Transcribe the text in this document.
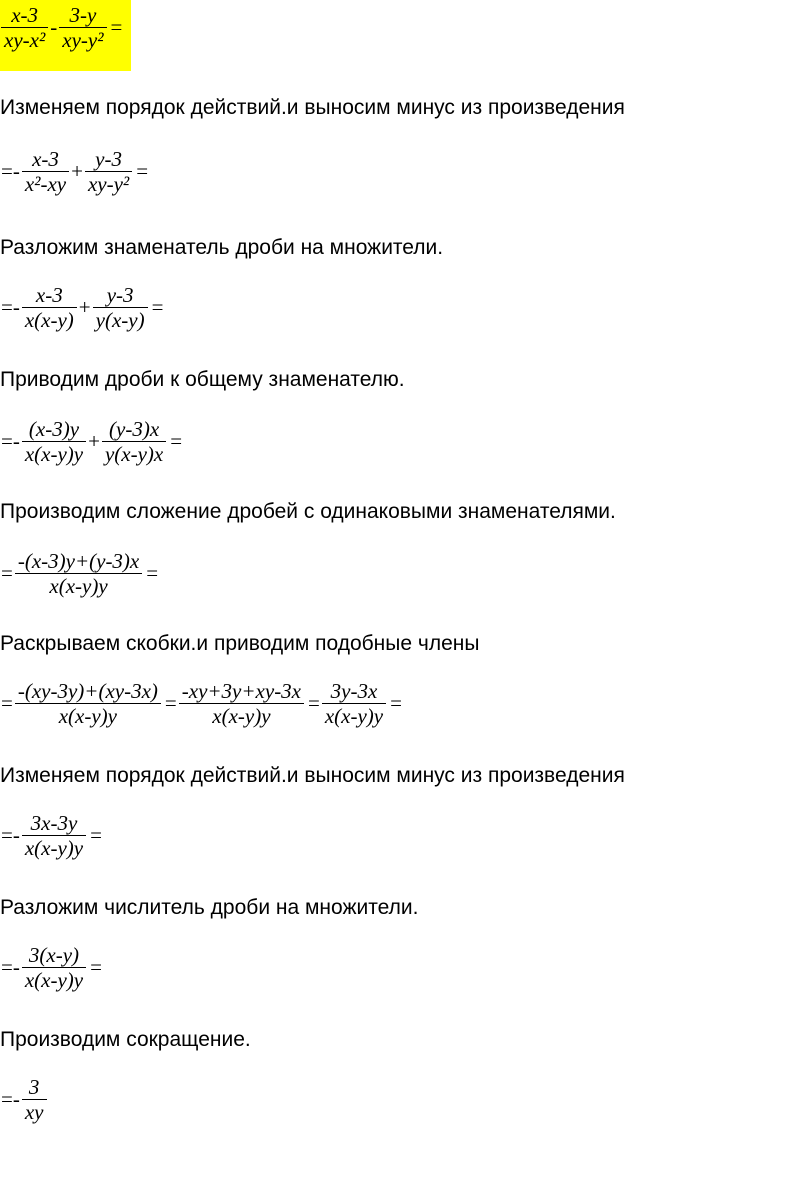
$\frac{x-3}{\text{xy-x²}} - \frac{3-y}{\text{xy-y²}}$ =
Изменяем порядок действий.и выносим минус из произведения
=- $\frac{x-3}{\text{x²-xy}} + \frac{y-3}{\text{xy-y²}}$ =
Разложим знаменатель дроби на множители.
=- $\frac{x-3}{x(x-y)} + \frac{y-3}{y(x-y)}$ =
Приводим дроби к общему знаменателю.
=- $\frac{(x-3)y}{x(x-y)y} + \frac{(y-3)x}{y(x-y)x}$ =
Производим сложение дробей с одинаковыми знаменателями.
= $\frac{-(x-3)y+(y-3)x}{x(x-y)y}$ =
Раскрываем скобки.и приводим подобные члены
= $\frac{-(xy-3y)+(xy-3x)}{x(x-y)y} = \frac{-xy+3y+xy-3x}{x(x-y)y} = \frac{3y-3x}{x(x-y)y}$ =
Изменяем порядок действий.и выносим минус из произведения
=- $\frac{3x-3y}{x(x-y)y}$ =
Разложим числитель дроби на множители.
=- $\frac{3(x-y)}{x(x-y)y}$ =
Производим сокращение.
=- $\frac{3}{xy}$
